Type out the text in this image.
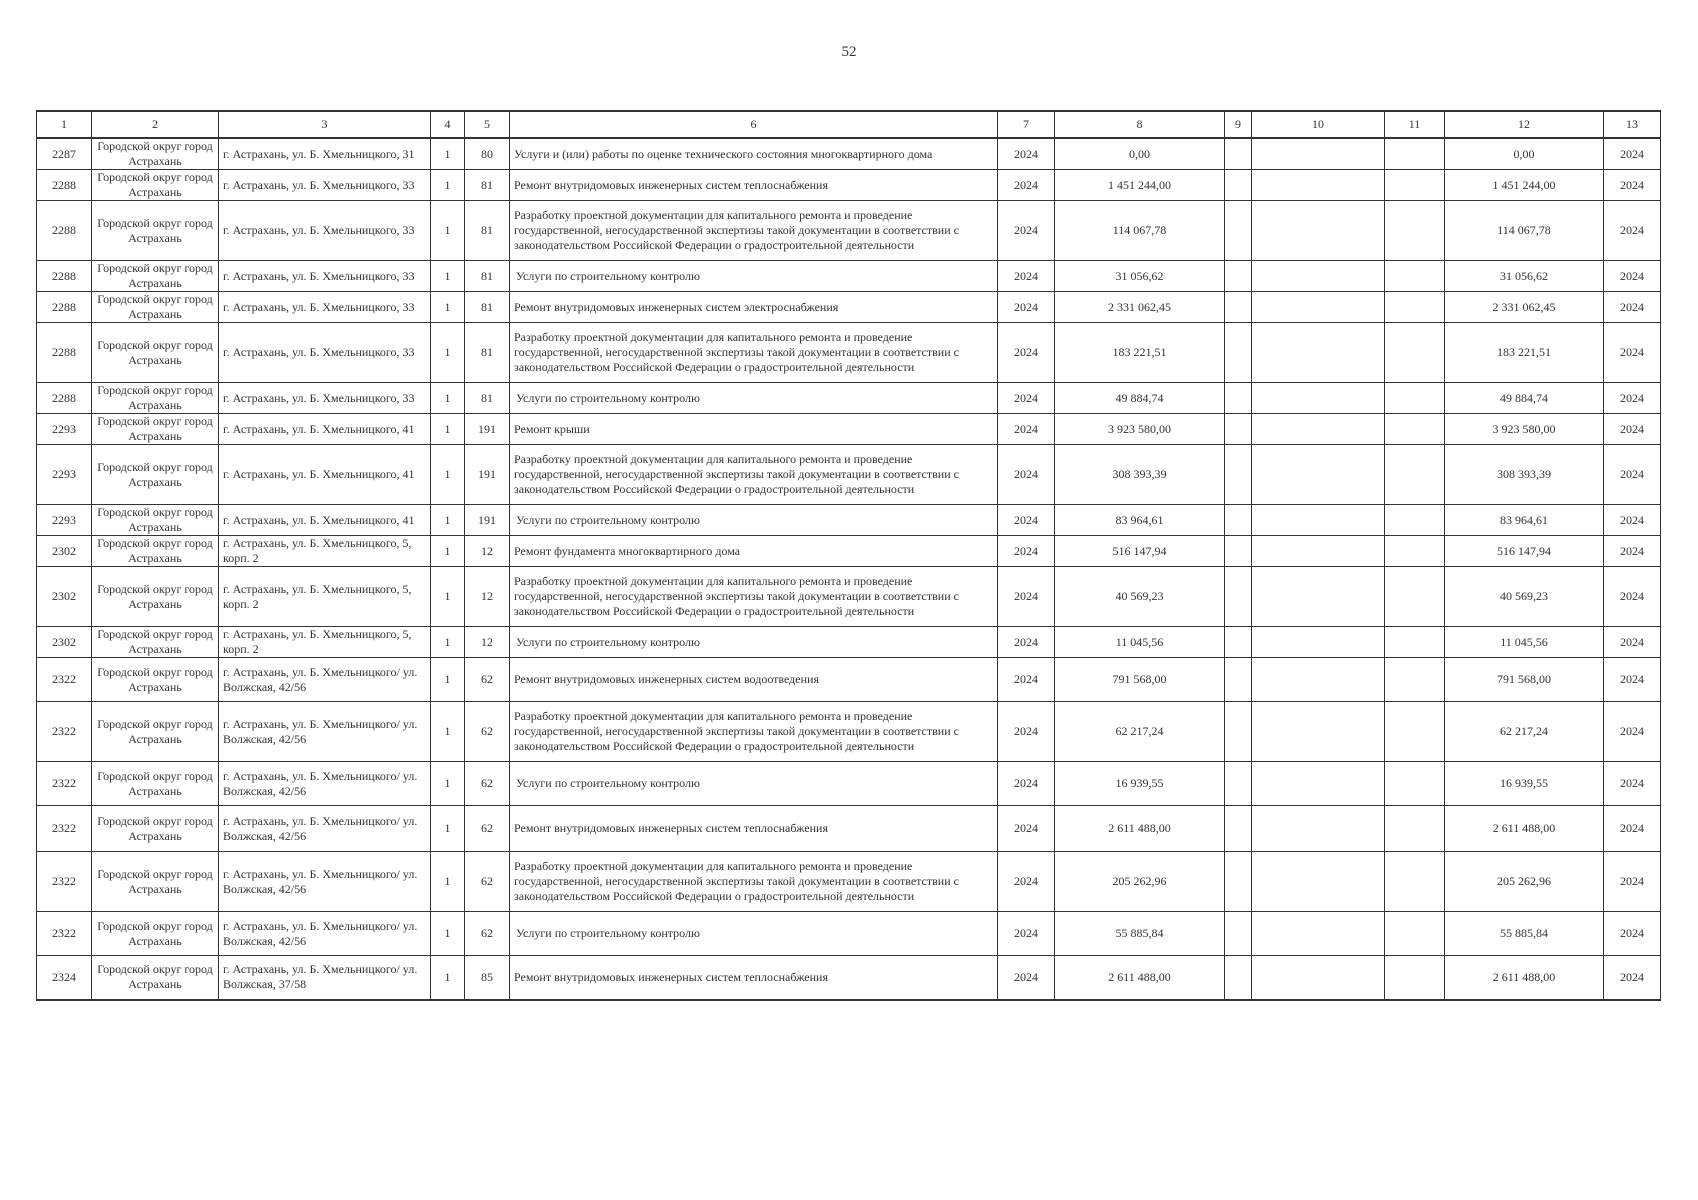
52
1	2	3	4	5	6	7	8	9	10	11	12	13
2287	Городской округ город Астрахань	г. Астрахань, ул. Б. Хмельницкого, 31	1	80	Услуги и (или) работы по оценке технического состояния многоквартирного дома	2024	0,00				0,00	2024
2288	Городской округ город Астрахань	г. Астрахань, ул. Б. Хмельницкого, 33	1	81	Ремонт внутридомовых инженерных систем теплоснабжения	2024	1 451 244,00				1 451 244,00	2024
2288	Городской округ город Астрахань	г. Астрахань, ул. Б. Хмельницкого, 33	1	81	Разработку проектной документации для капитального ремонта и проведение государственной, негосударственной экспертизы такой документации в соответствии с законодательством Российской Федерации о градостроительной деятельности	2024	114 067,78				114 067,78	2024
2288	Городской округ город Астрахань	г. Астрахань, ул. Б. Хмельницкого, 33	1	81	Услуги по строительному контролю	2024	31 056,62				31 056,62	2024
2288	Городской округ город Астрахань	г. Астрахань, ул. Б. Хмельницкого, 33	1	81	Ремонт внутридомовых инженерных систем электроснабжения	2024	2 331 062,45				2 331 062,45	2024
2288	Городской округ город Астрахань	г. Астрахань, ул. Б. Хмельницкого, 33	1	81	Разработку проектной документации для капитального ремонта и проведение государственной, негосударственной экспертизы такой документации в соответствии с законодательством Российской Федерации о градостроительной деятельности	2024	183 221,51				183 221,51	2024
2288	Городской округ город Астрахань	г. Астрахань, ул. Б. Хмельницкого, 33	1	81	Услуги по строительному контролю	2024	49 884,74				49 884,74	2024
2293	Городской округ город Астрахань	г. Астрахань, ул. Б. Хмельницкого, 41	1	191	Ремонт крыши	2024	3 923 580,00				3 923 580,00	2024
2293	Городской округ город Астрахань	г. Астрахань, ул. Б. Хмельницкого, 41	1	191	Разработку проектной документации для капитального ремонта и проведение государственной, негосударственной экспертизы такой документации в соответствии с законодательством Российской Федерации о градостроительной деятельности	2024	308 393,39				308 393,39	2024
2293	Городской округ город Астрахань	г. Астрахань, ул. Б. Хмельницкого, 41	1	191	Услуги по строительному контролю	2024	83 964,61				83 964,61	2024
2302	Городской округ город Астрахань	г. Астрахань, ул. Б. Хмельницкого, 5, корп. 2	1	12	Ремонт фундамента многоквартирного дома	2024	516 147,94				516 147,94	2024
2302	Городской округ город Астрахань	г. Астрахань, ул. Б. Хмельницкого, 5, корп. 2	1	12	Разработку проектной документации для капитального ремонта и проведение государственной, негосударственной экспертизы такой документации в соответствии с законодательством Российской Федерации о градостроительной деятельности	2024	40 569,23				40 569,23	2024
2302	Городской округ город Астрахань	г. Астрахань, ул. Б. Хмельницкого, 5, корп. 2	1	12	Услуги по строительному контролю	2024	11 045,56				11 045,56	2024
2322	Городской округ город Астрахань	г. Астрахань, ул. Б. Хмельницкого/ ул. Волжская, 42/56	1	62	Ремонт внутридомовых инженерных систем водоотведения	2024	791 568,00				791 568,00	2024
2322	Городской округ город Астрахань	г. Астрахань, ул. Б. Хмельницкого/ ул. Волжская, 42/56	1	62	Разработку проектной документации для капитального ремонта и проведение государственной, негосударственной экспертизы такой документации в соответствии с законодательством Российской Федерации о градостроительной деятельности	2024	62 217,24				62 217,24	2024
2322	Городской округ город Астрахань	г. Астрахань, ул. Б. Хмельницкого/ ул. Волжская, 42/56	1	62	Услуги по строительному контролю	2024	16 939,55				16 939,55	2024
2322	Городской округ город Астрахань	г. Астрахань, ул. Б. Хмельницкого/ ул. Волжская, 42/56	1	62	Ремонт внутридомовых инженерных систем теплоснабжения	2024	2 611 488,00				2 611 488,00	2024
2322	Городской округ город Астрахань	г. Астрахань, ул. Б. Хмельницкого/ ул. Волжская, 42/56	1	62	Разработку проектной документации для капитального ремонта и проведение государственной, негосударственной экспертизы такой документации в соответствии с законодательством Российской Федерации о градостроительной деятельности	2024	205 262,96				205 262,96	2024
2322	Городской округ город Астрахань	г. Астрахань, ул. Б. Хмельницкого/ ул. Волжская, 42/56	1	62	Услуги по строительному контролю	2024	55 885,84				55 885,84	2024
2324	Городской округ город Астрахань	г. Астрахань, ул. Б. Хмельницкого/ ул. Волжская, 37/58	1	85	Ремонт внутридомовых инженерных систем теплоснабжения	2024	2 611 488,00				2 611 488,00	2024
